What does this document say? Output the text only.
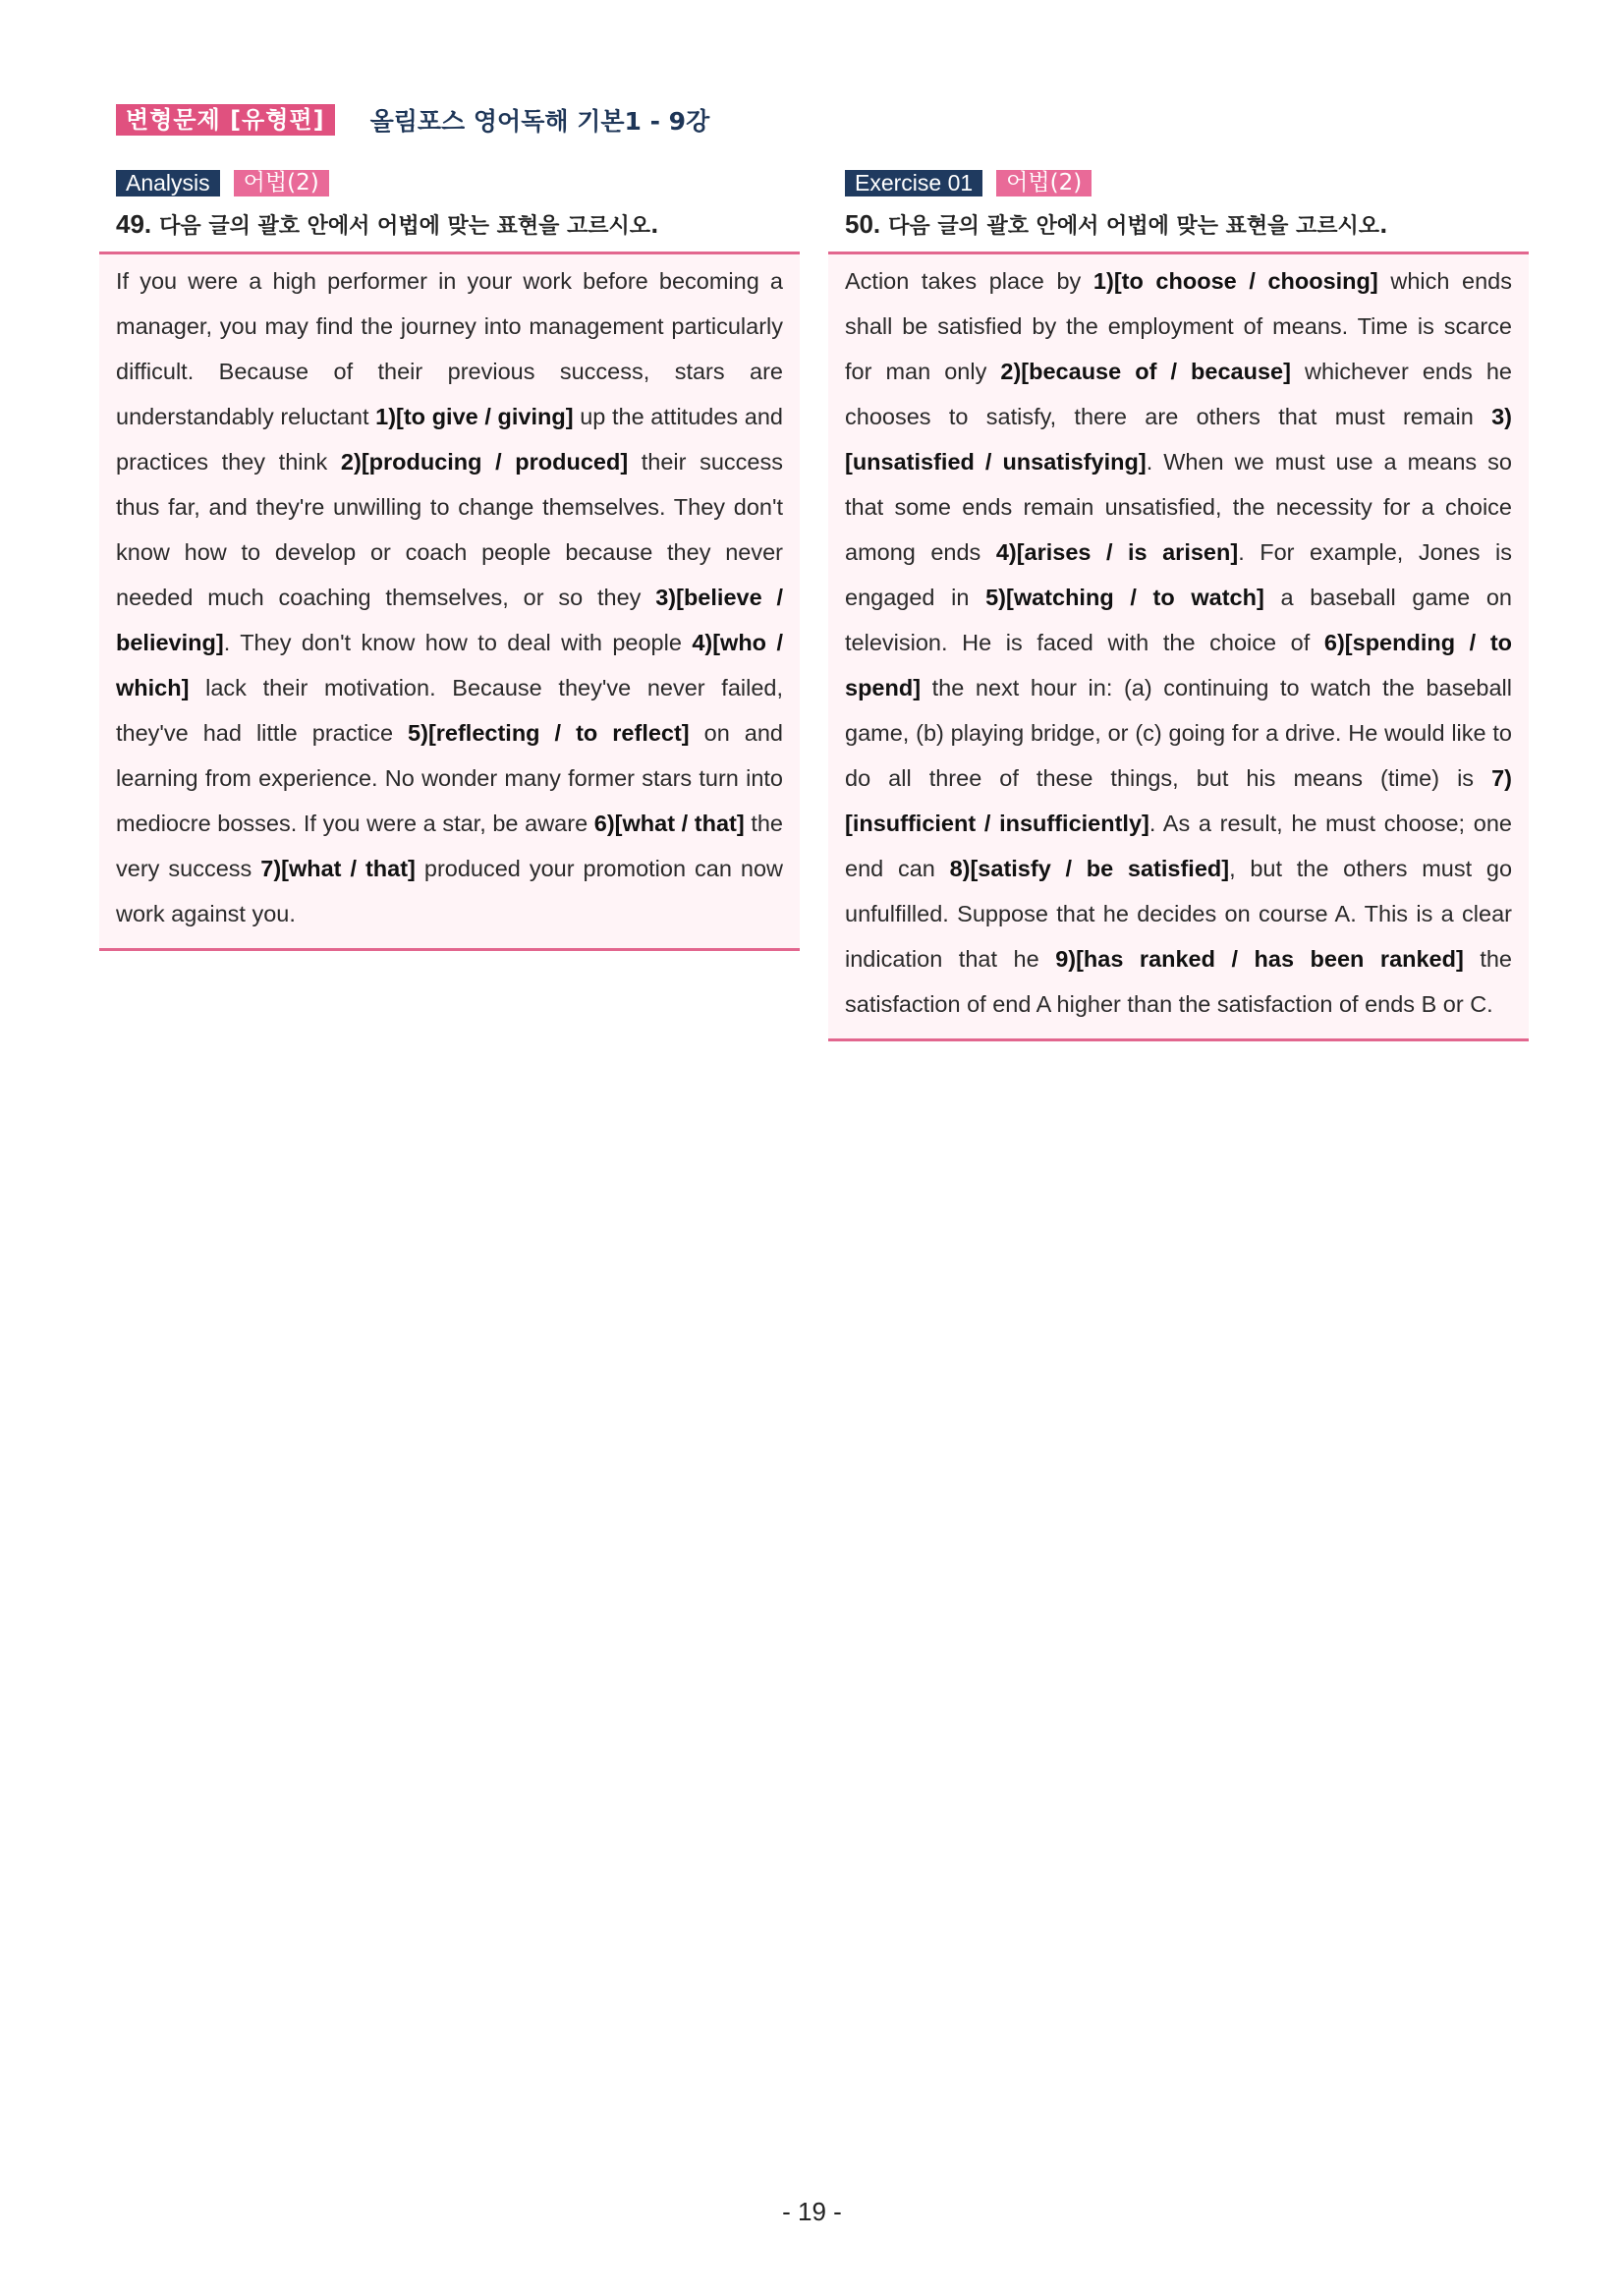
변형문제 [유형편]	올림포스 영어독해 기본1 - 9강
Analysis	어법(2)
49. 다음 글의 괄호 안에서 어법에 맞는 표현을 고르시오.

If you were a high performer in your work before becoming a manager, you may find the journey into management particularly difficult. Because of their previous success, stars are understandably reluctant 1)[to give / giving] up the attitudes and practices they think 2)[producing / produced] their success thus far, and they're unwilling to change themselves. They don't know how to develop or coach people because they never needed much coaching themselves, or so they 3)[believe / believing]. They don't know how to deal with people 4)[who / which] lack their motivation. Because they've never failed, they've had little practice 5)[reflecting / to reflect] on and learning from experience. No wonder many former stars turn into mediocre bosses. If you were a star, be aware 6)[what / that] the very success 7)[what / that] produced your promotion can now work against you.

Exercise 01	어법(2)
50. 다음 글의 괄호 안에서 어법에 맞는 표현을 고르시오.

Action takes place by 1)[to choose / choosing] which ends shall be satisfied by the employment of means. Time is scarce for man only 2)[because of / because] whichever ends he chooses to satisfy, there are others that must remain 3)[unsatisfied / unsatisfying]. When we must use a means so that some ends remain unsatisfied, the necessity for a choice among ends 4)[arises / is arisen]. For example, Jones is engaged in 5)[watching / to watch] a baseball game on television. He is faced with the choice of 6)[spending / to spend] the next hour in: (a) continuing to watch the baseball game, (b) playing bridge, or (c) going for a drive. He would like to do all three of these things, but his means (time) is 7)[insufficient / insufficiently]. As a result, he must choose; one end can 8)[satisfy / be satisfied], but the others must go unfulfilled. Suppose that he decides on course A. This is a clear indication that he 9)[has ranked / has been ranked] the satisfaction of end A higher than the satisfaction of ends B or C.

- 19 -
